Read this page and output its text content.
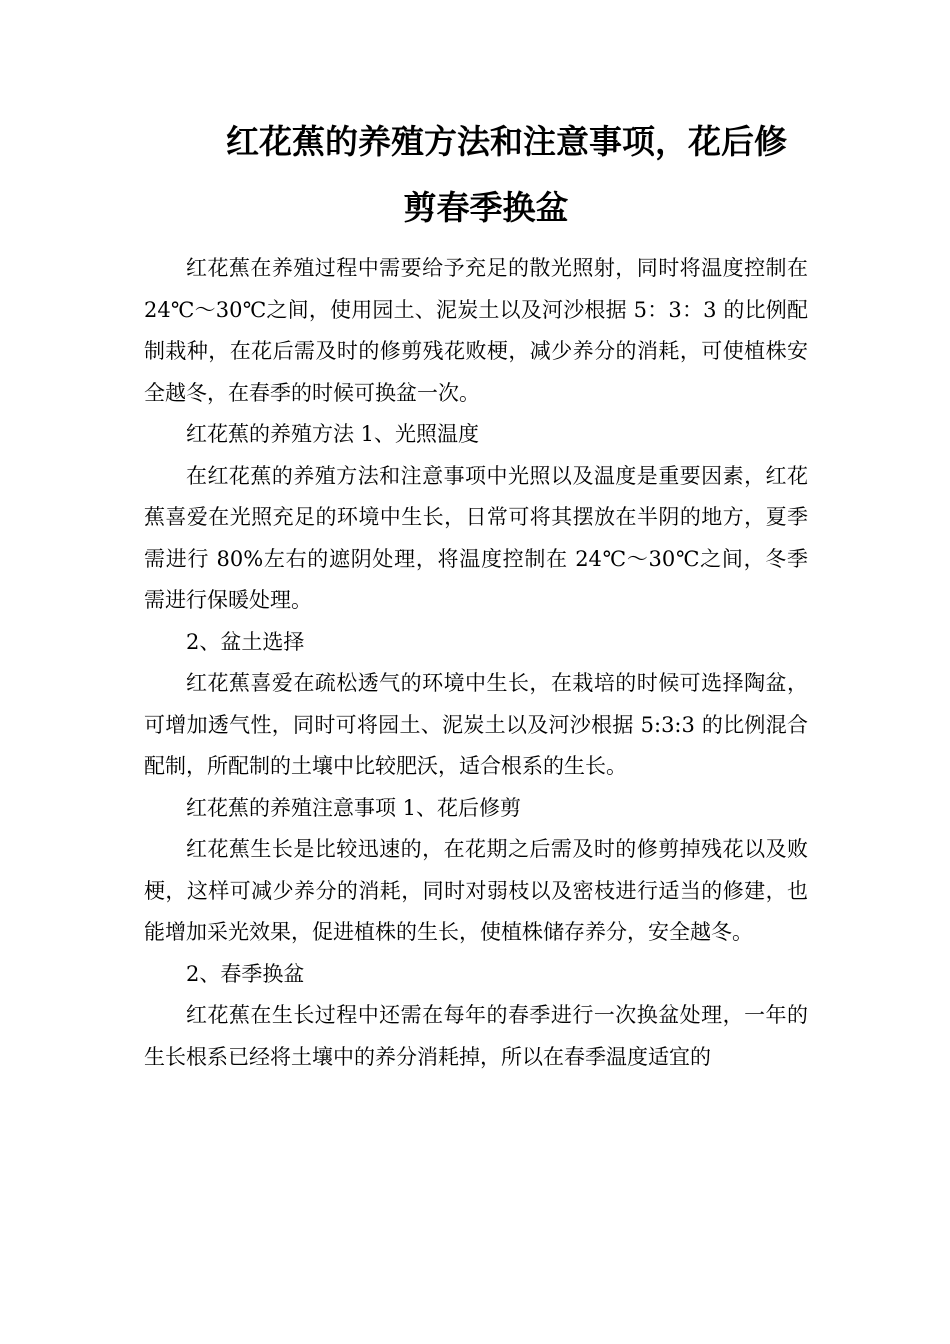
红花蕉的养殖方法和注意事项，花后修
剪春季换盆

红花蕉在养殖过程中需要给予充足的散光照射，同时将温度控制在 24℃～30℃之间，使用园土、泥炭土以及河沙根据 5：3：3 的比例配制栽种，在花后需及时的修剪残花败梗，减少养分的消耗，可使植株安全越冬，在春季的时候可换盆一次。

红花蕉的养殖方法 1、光照温度

在红花蕉的养殖方法和注意事项中光照以及温度是重要因素，红花蕉喜爱在光照充足的环境中生长，日常可将其摆放在半阴的地方，夏季需进行 80%左右的遮阴处理，将温度控制在 24℃～30℃之间，冬季需进行保暖处理。

2、盆土选择

红花蕉喜爱在疏松透气的环境中生长，在栽培的时候可选择陶盆，可增加透气性，同时可将园土、泥炭土以及河沙根据 5:3:3 的比例混合配制，所配制的土壤中比较肥沃，适合根系的生长。

红花蕉的养殖注意事项 1、花后修剪

红花蕉生长是比较迅速的，在花期之后需及时的修剪掉残花以及败梗，这样可减少养分的消耗，同时对弱枝以及密枝进行适当的修建，也能增加采光效果，促进植株的生长，使植株储存养分，安全越冬。

2、春季换盆

红花蕉在生长过程中还需在每年的春季进行一次换盆处理，一年的生长根系已经将土壤中的养分消耗掉，所以在春季温度适宜的
